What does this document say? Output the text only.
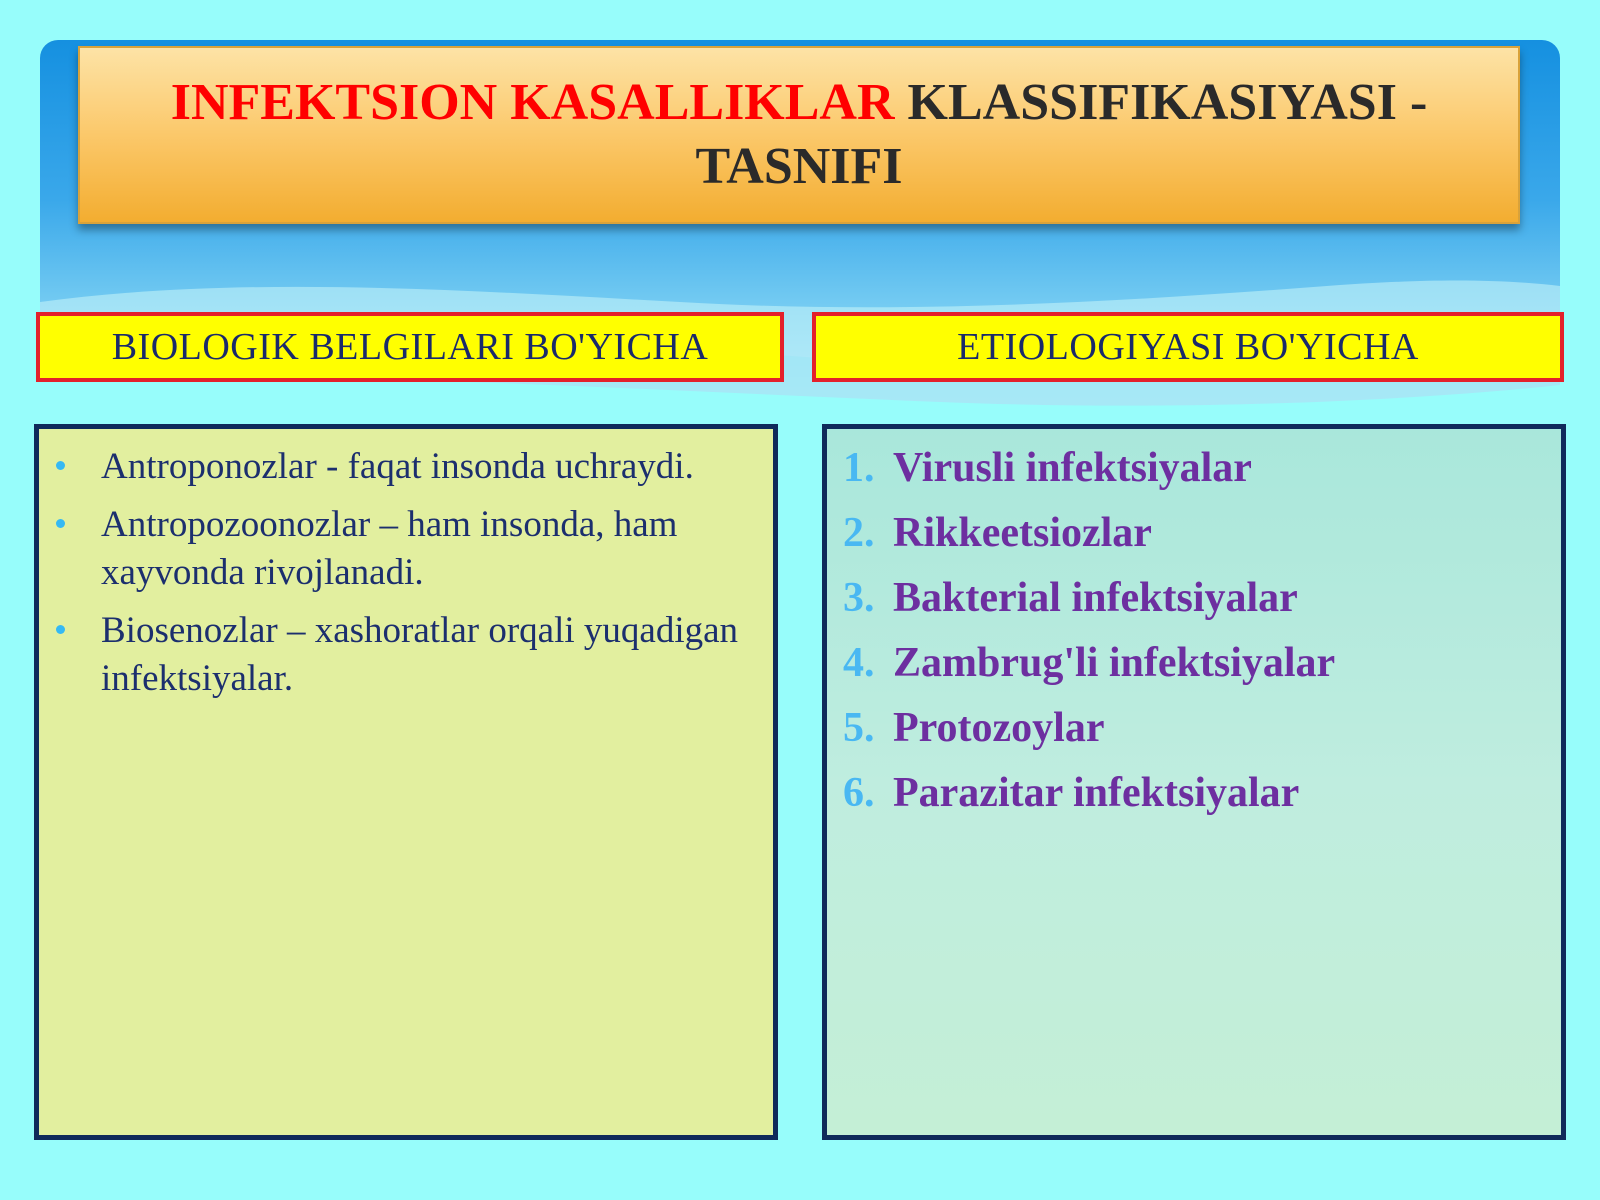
INFEKTSION KASALLIKLAR KLASSIFIKASIYASI - TASNIFI

BIOLOGIK BELGILARI BO'YICHA	ETIOLOGIYASI BO'YICHA
Antroponozlar - faqat insonda uchraydi.
Antropozoonozlar – ham insonda, ham xayvonda rivojlanadi.
Biosenozlar – xashoratlar orqali yuqadigan infektsiyalar.
1. Virusli infektsiyalar
2. Rikkeetsiozlar
3. Bakterial infektsiyalar
4. Zambrug'li infektsiyalar
5. Protozoylar
6. Parazitar infektsiyalar
